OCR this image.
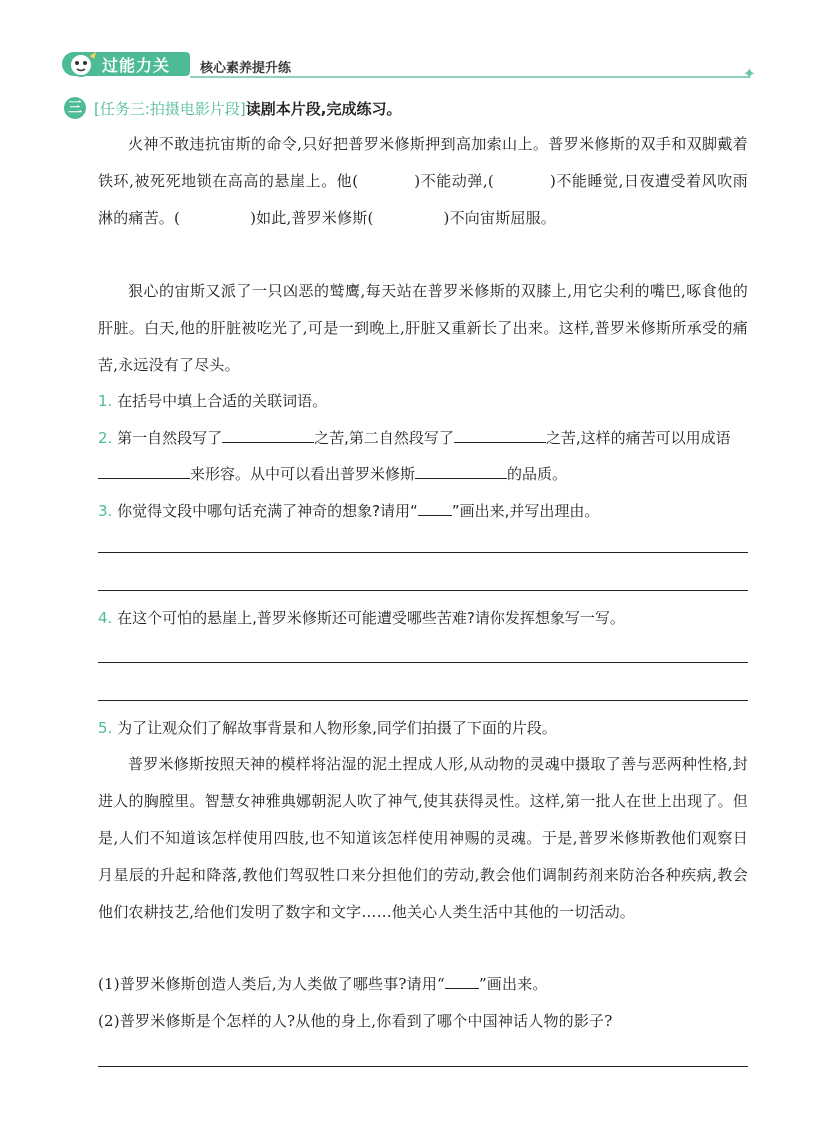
过能力关 核心素养提升练	✦
三 [任务三:拍摄电影片段]读剧本片段,完成练习。

火神不敢违抗宙斯的命令,只好把普罗米修斯押到高加索山上。普罗米修斯的双手和双脚戴着铁环,被死死地锁在高高的悬崖上。他(	)不能动弹,(	)不能睡觉,日夜遭受着风吹雨淋的痛苦。(	)如此,普罗米修斯(	)不向宙斯屈服。

狠心的宙斯又派了一只凶恶的鹫鹰,每天站在普罗米修斯的双膝上,用它尖利的嘴巴,啄食他的肝脏。白天,他的肝脏被吃光了,可是一到晚上,肝脏又重新长了出来。这样,普罗米修斯所承受的痛苦,永远没有了尽头。

1. 在括号中填上合适的关联词语。

2. 第一自然段写了	之苦,第二自然段写了	之苦,这样的痛苦可以用成语来形容。从中可以看出普罗米修斯	的品质。

3. 你觉得文段中哪句话充满了神奇的想象?请用“ ”画出来,并写出理由。

4. 在这个可怕的悬崖上,普罗米修斯还可能遭受哪些苦难?请你发挥想象写一写。

5. 为了让观众们了解故事背景和人物形象,同学们拍摄了下面的片段。

普罗米修斯按照天神的模样将沾湿的泥土捏成人形,从动物的灵魂中摄取了善与恶两种性格,封进人的胸膛里。智慧女神雅典娜朝泥人吹了神气,使其获得灵性。这样,第一批人在世上出现了。但是,人们不知道该怎样使用四肢,也不知道该怎样使用神赐的灵魂。于是,普罗米修斯教他们观察日月星辰的升起和降落,教他们驾驭牲口来分担他们的劳动,教会他们调制药剂来防治各种疾病,教会他们农耕技艺,给他们发明了数字和文字……他关心人类生活中其他的一切活动。

(1)普罗米修斯创造人类后,为人类做了哪些事?请用“ ”画出来。

(2)普罗米修斯是个怎样的人?从他的身上,你看到了哪个中国神话人物的影子?
